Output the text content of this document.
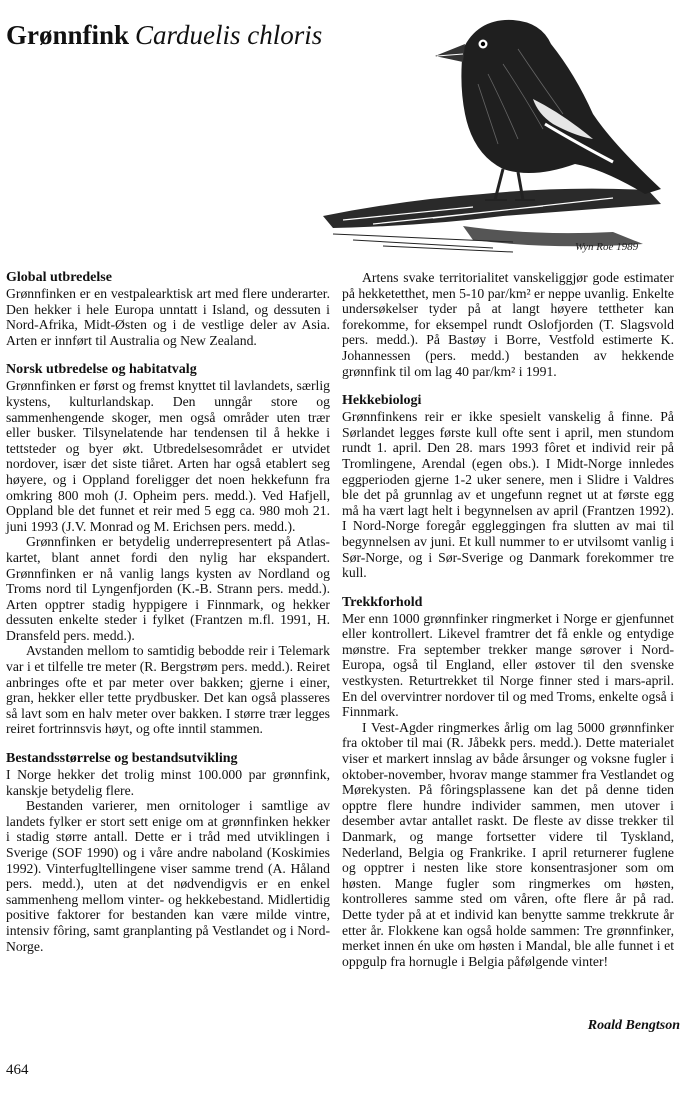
Grønnfink Carduelis chloris
Wyn Roe 1989
Global utbredelse

Grønnfinken er en vestpalearktisk art med flere underarter. Den hekker i hele Europa unntatt i Island, og dessuten i Nord-Afrika, Midt-Østen og i de vestlige deler av Asia. Arten er innført til Australia og New Zealand.

Norsk utbredelse og habitatvalg

Grønnfinken er først og fremst knyttet til lavlandets, særlig kystens, kulturlandskap. Den unngår store og sammenhengende skoger, men også områder uten trær eller busker. Tilsynelatende har tendensen til å hekke i tettsteder og byer økt. Utbredelsesområdet er utvidet nordover, især det siste tiåret. Arten har også etablert seg høyere, og i Oppland foreligger det noen hekkefunn fra omkring 800 moh (J. Opheim pers. medd.). Ved Hafjell, Oppland ble det funnet et reir med 5 egg ca. 980 moh 21. juni 1993 (J.V. Monrad og M. Erichsen pers. medd.).

Grønnfinken er betydelig underrepresentert på Atlas-kartet, blant annet fordi den nylig har ekspandert. Grønnfinken er nå vanlig langs kysten av Nordland og Troms nord til Lyngenfjorden (K.-B. Strann pers. medd.). Arten opptrer stadig hyppigere i Finnmark, og hekker dessuten enkelte steder i fylket (Frantzen m.fl. 1991, H. Dransfeld pers. medd.).

Avstanden mellom to samtidig bebodde reir i Telemark var i et tilfelle tre meter (R. Bergstrøm pers. medd.). Reiret anbringes ofte et par meter over bakken; gjerne i einer, gran, hekker eller tette prydbusker. Det kan også plasseres så lavt som en halv meter over bakken. I større trær legges reiret fortrinnsvis høyt, og ofte inntil stammen.

Bestandsstørrelse og bestandsutvikling

I Norge hekker det trolig minst 100.000 par grønnfink, kanskje betydelig flere.

Bestanden varierer, men ornitologer i samtlige av landets fylker er stort sett enige om at grønnfinken hekker i stadig større antall. Dette er i tråd med utviklingen i Sverige (SOF 1990) og i våre andre naboland (Koskimies 1992). Vinterfugltellingene viser samme trend (A. Håland pers. medd.), uten at det nødvendigvis er en enkel sammenheng mellom vinter- og hekkebestand. Midlertidig positive faktorer for bestanden kan være milde vintre, intensiv fôring, samt granplanting på Vestlandet og i Nord-Norge.

Artens svake territorialitet vanskeliggjør gode estimater på hekketetthet, men 5-10 par/km² er neppe uvanlig. Enkelte undersøkelser tyder på at langt høyere tettheter kan forekomme, for eksempel rundt Oslofjorden (T. Slagsvold pers. medd.). På Bastøy i Borre, Vestfold estimerte K. Johannessen (pers. medd.) bestanden av hekkende grønnfink til om lag 40 par/km² i 1991.

Hekkebiologi

Grønnfinkens reir er ikke spesielt vanskelig å finne. På Sørlandet legges første kull ofte sent i april, men stundom rundt 1. april. Den 28. mars 1993 fôret et individ reir på Tromlingene, Arendal (egen obs.). I Midt-Norge innledes eggperioden gjerne 1-2 uker senere, men i Slidre i Valdres ble det på grunnlag av et ungefunn regnet ut at første egg må ha vært lagt helt i begynnelsen av april (Frantzen 1992). I Nord-Norge foregår eggleggingen fra slutten av mai til begynnelsen av juni. Et kull nummer to er utvilsomt vanlig i Sør-Norge, og i Sør-Sverige og Danmark forekommer tre kull.

Trekkforhold

Mer enn 1000 grønnfinker ringmerket i Norge er gjenfunnet eller kontrollert. Likevel framtrer det få enkle og entydige mønstre. Fra september trekker mange sørover i Nord-Europa, også til England, eller østover til den svenske vestkysten. Returtrekket til Norge finner sted i mars-april. En del overvintrer nordover til og med Troms, enkelte også i Finnmark.

I Vest-Agder ringmerkes årlig om lag 5000 grønnfinker fra oktober til mai (R. Jåbekk pers. medd.). Dette materialet viser et markert innslag av både årsunger og voksne fugler i oktober-november, hvorav mange stammer fra Vestlandet og Mørekysten. På fôringsplassene kan det på denne tiden opptre flere hundre individer sammen, men utover i desember avtar antallet raskt. De fleste av disse trekker til Danmark, og mange fortsetter videre til Tyskland, Nederland, Belgia og Frankrike. I april returnerer fuglene og opptrer i nesten like store konsentrasjoner som om høsten. Mange fugler som ringmerkes om høsten, kontrolleres samme sted om våren, ofte flere år på rad. Dette tyder på at et individ kan benytte samme trekkrute år etter år. Flokkene kan også holde sammen: Tre grønnfinker, merket innen én uke om høsten i Mandal, ble alle funnet i et oppgulp fra hornugle i Belgia påfølgende vinter!

Roald Bengtson
464
